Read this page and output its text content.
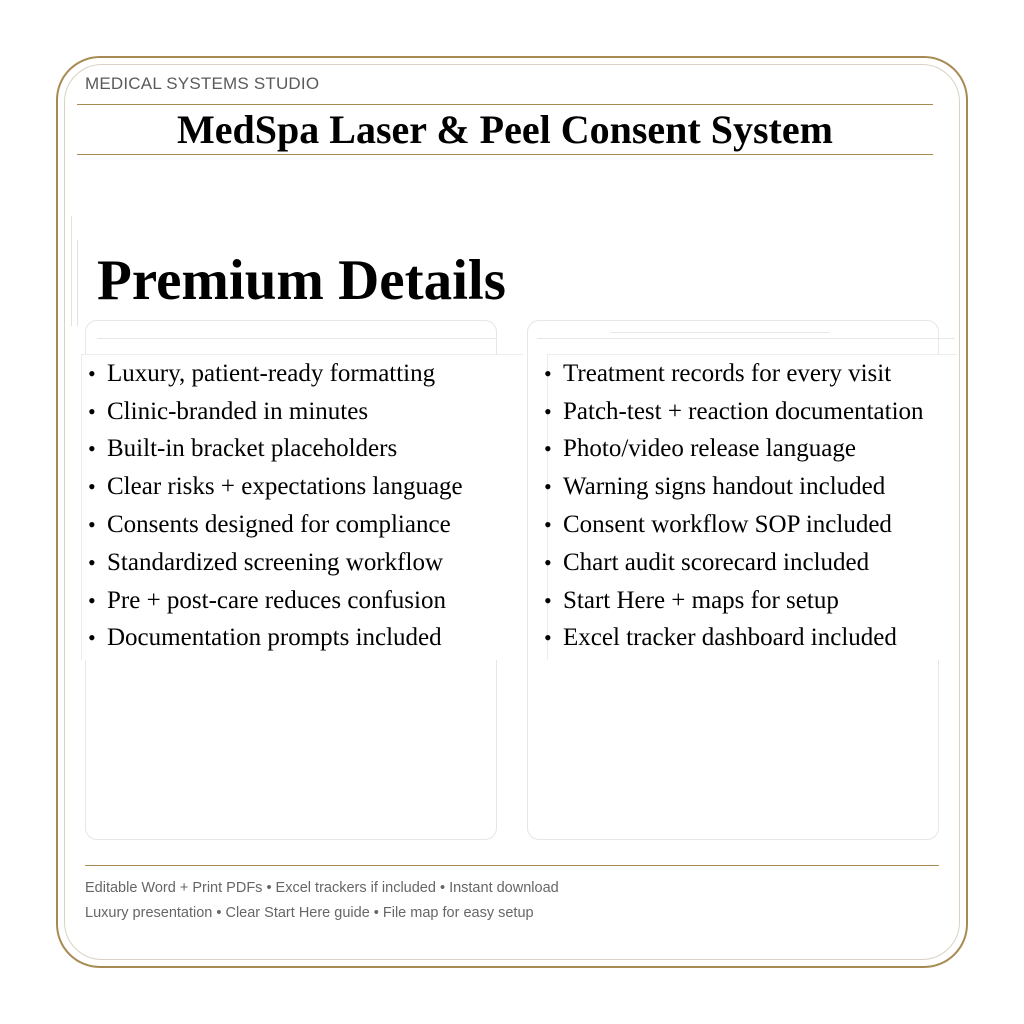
MEDICAL SYSTEMS STUDIO
MedSpa Laser & Peel Consent System
Premium Details
• Luxury, patient-ready formatting
• Clinic-branded in minutes
• Built-in bracket placeholders
• Clear risks + expectations language
• Consents designed for compliance
• Standardized screening workflow
• Pre + post-care reduces confusion
• Documentation prompts included
• Treatment records for every visit
• Patch-test + reaction documentation
• Photo/video release language
• Warning signs handout included
• Consent workflow SOP included
• Chart audit scorecard included
• Start Here + maps for setup
• Excel tracker dashboard included
Editable Word + Print PDFs • Excel trackers if included • Instant download
Luxury presentation • Clear Start Here guide • File map for easy setup
